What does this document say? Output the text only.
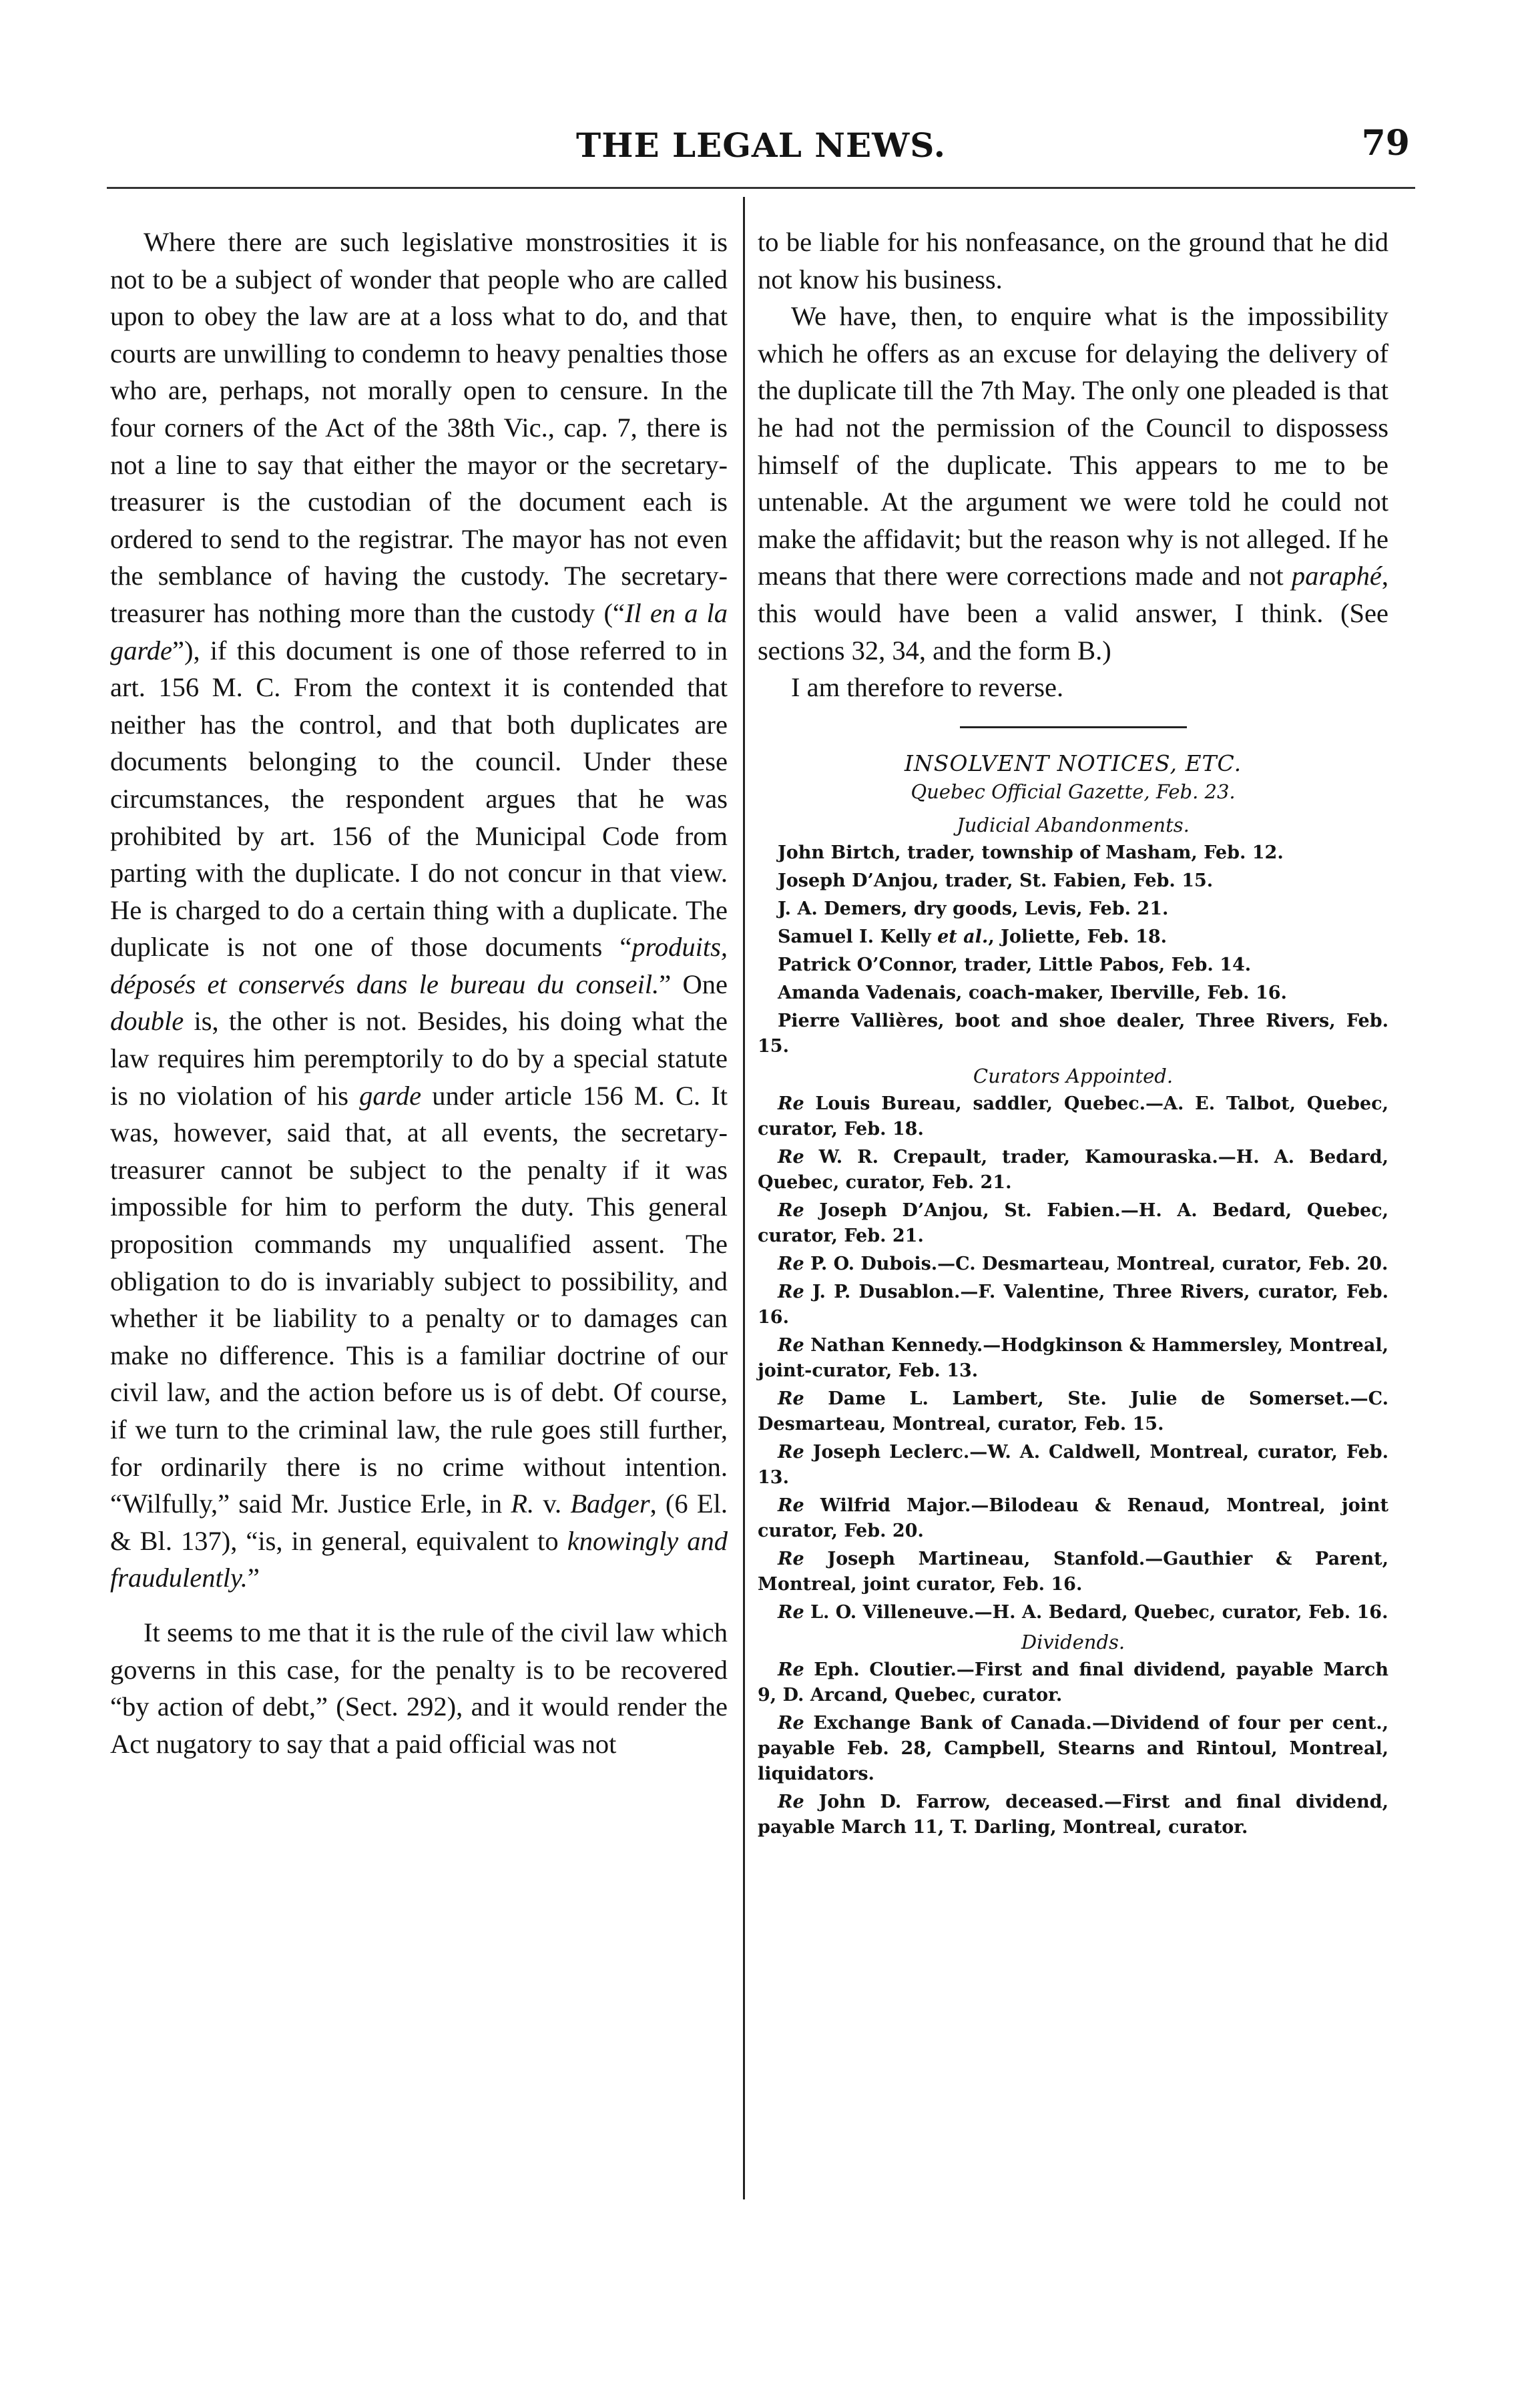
THE LEGAL NEWS.	79

Where there are such legislative monstrosities it is not to be a subject of wonder that people who are called upon to obey the law are at a loss what to do, and that courts are unwilling to condemn to heavy penalties those who are, perhaps, not morally open to censure. In the four corners of the Act of the 38th Vic., cap. 7, there is not a line to say that either the mayor or the secretary-treasurer is the custodian of the document each is ordered to send to the registrar. The mayor has not even the semblance of having the custody. The secretary-treasurer has nothing more than the custody (“Il en a la garde”), if this document is one of those referred to in art. 156 M. C. From the context it is contended that neither has the control, and that both duplicates are documents belonging to the council. Under these circumstances, the respondent argues that he was prohibited by art. 156 of the Municipal Code from parting with the duplicate. I do not concur in that view. He is charged to do a certain thing with a duplicate. The duplicate is not one of those documents “produits, déposés et conservés dans le bureau du conseil.” One double is, the other is not. Besides, his doing what the law requires him peremptorily to do by a special statute is no violation of his garde under article 156 M. C. It was, however, said that, at all events, the secretary-treasurer cannot be subject to the penalty if it was impossible for him to perform the duty. This general proposition commands my unqualified assent. The obligation to do is invariably subject to possibility, and whether it be liability to a penalty or to damages can make no difference. This is a familiar doctrine of our civil law, and the action before us is of debt. Of course, if we turn to the criminal law, the rule goes still further, for ordinarily there is no crime without intention. “Wilfully,” said Mr. Justice Erle, in R. v. Badger, (6 El. & Bl. 137), “is, in general, equivalent to knowingly and fraudulently.”

It seems to me that it is the rule of the civil law which governs in this case, for the penalty is to be recovered “by action of debt,” (Sect. 292), and it would render the Act nugatory to say that a paid official was not

to be liable for his nonfeasance, on the ground that he did not know his business.

We have, then, to enquire what is the impossibility which he offers as an excuse for delaying the delivery of the duplicate till the 7th May. The only one pleaded is that he had not the permission of the Council to dispossess himself of the duplicate. This appears to me to be untenable. At the argument we were told he could not make the affidavit; but the reason why is not alleged. If he means that there were corrections made and not paraphé, this would have been a valid answer, I think. (See sections 32, 34, and the form B.)

I am therefore to reverse.

INSOLVENT NOTICES, ETC.
Quebec Official Gazette, Feb. 23.
Judicial Abandonments.

John Birtch, trader, township of Masham, Feb. 12.

Joseph D’Anjou, trader, St. Fabien, Feb. 15.

J. A. Demers, dry goods, Levis, Feb. 21.

Samuel I. Kelly et al., Joliette, Feb. 18.

Patrick O’Connor, trader, Little Pabos, Feb. 14.

Amanda Vadenais, coach-maker, Iberville, Feb. 16.

Pierre Vallières, boot and shoe dealer, Three Rivers, Feb. 15.

Curators Appointed.

Re Louis Bureau, saddler, Quebec.—A. E. Talbot, Quebec, curator, Feb. 18.

Re W. R. Crepault, trader, Kamouraska.—H. A. Bedard, Quebec, curator, Feb. 21.

Re Joseph D’Anjou, St. Fabien.—H. A. Bedard, Quebec, curator, Feb. 21.

Re P. O. Dubois.—C. Desmarteau, Montreal, curator, Feb. 20.

Re J. P. Dusablon.—F. Valentine, Three Rivers, curator, Feb. 16.

Re Nathan Kennedy.—Hodgkinson & Hammersley, Montreal, joint-curator, Feb. 13.

Re Dame L. Lambert, Ste. Julie de Somerset.—C. Desmarteau, Montreal, curator, Feb. 15.

Re Joseph Leclerc.—W. A. Caldwell, Montreal, curator, Feb. 13.

Re Wilfrid Major.—Bilodeau & Renaud, Montreal, joint curator, Feb. 20.

Re Joseph Martineau, Stanfold.—Gauthier & Parent, Montreal, joint curator, Feb. 16.

Re L. O. Villeneuve.—H. A. Bedard, Quebec, curator, Feb. 16.

Dividends.

Re Eph. Cloutier.—First and final dividend, payable March 9, D. Arcand, Quebec, curator.

Re Exchange Bank of Canada.—Dividend of four per cent., payable Feb. 28, Campbell, Stearns and Rintoul, Montreal, liquidators.

Re John D. Farrow, deceased.—First and final dividend, payable March 11, T. Darling, Montreal, curator.
